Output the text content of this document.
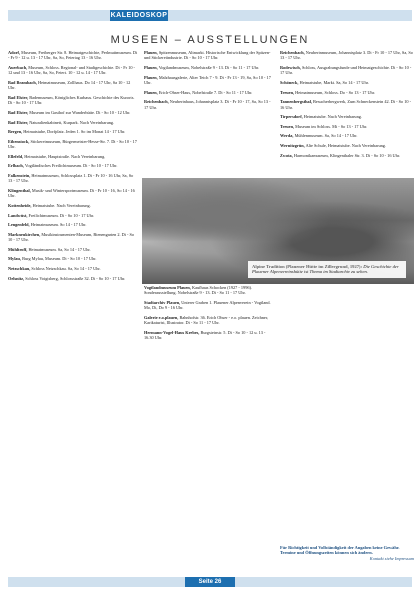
KALEIDOSKOP
MUSEEN – AUSSTELLUNGEN

Adorf, Museum, Freiberger Str. 8. Heimatgeschichte, Perlmuttmuseum. Di - Fr 9 - 12 u. 13 - 17 Uhr, Sa, So, Feiertag 13 - 16 Uhr.

Auerbach, Museum, Schloss. Regional- und Stadtgeschichte. Di - Fr 10 - 12 und 13 - 16 Uhr, Sa, So, Feiert. 10 - 12 u. 14 - 17 Uhr.

Bad Brambach, Heimatmuseum, Zollhaus. Do 14 - 17 Uhr, Sa 10 - 12 Uhr.

Bad Elster, Bademuseum, Königliches Kurhaus. Geschichte des Kurorts. Di - So 10 - 17 Uhr.

Bad Elster, Museum im Gasthof zur Wanderhütte. Di - So 10 - 12 Uhr.

Bad Elster, Naturalienkabinett, Kurpark. Nach Vereinbarung.

Bergen, Heimatstube, Dorfplatz. Jeden 1. So im Monat 14 - 17 Uhr.

Eibenstock, Stickereimuseum, Bürgermeister-Hesse-Str. 7. Di - So 10 - 17 Uhr.

Ellefeld, Heimatstube, Hauptstraße. Nach Vereinbarung.

Erlbach, Vogtländisches Freilichtmuseum. Di - So 10 - 17 Uhr.

Falkenstein, Heimatmuseum, Schlossplatz 1. Di - Fr 10 - 16 Uhr, Sa, So 13 - 17 Uhr.

Klingenthal, Musik- und Wintersportmuseum. Di - Fr 10 - 16, So 14 - 16 Uhr.

Kottenheide, Heimatstube. Nach Vereinbarung.

Landwüst, Freilichtmuseum. Di - So 10 - 17 Uhr.

Lengenfeld, Heimatmuseum. So 14 - 17 Uhr.

Markneukirchen, Musikinstrumenten-Museum, Bienengarten 2. Di - So 10 - 17 Uhr.

Mühltroff, Heimatmuseum. Sa, So 14 - 17 Uhr.

Mylau, Burg Mylau, Museum. Di - So 10 - 17 Uhr.

Netzschkau, Schloss Netzschkau. Sa, So 14 - 17 Uhr.

Oelsnitz, Schloss Voigtsberg, Schlossstraße 32. Di - So 10 - 17 Uhr.

Plauen, Spitzenmuseum, Altmarkt. Historische Entwicklung der Spitzen- und Stickereiindustrie. Di - So 10 - 17 Uhr.

Plauen, Vogtlandmuseum, Nobelstraße 9 - 13. Di - So 11 - 17 Uhr.

Plauen, Malzhausgalerie, Alter Teich 7 - 9. Di - Fr 13 - 19, Sa, So 10 - 17 Uhr.

Plauen, Erich-Ohser-Haus, Nobelstraße 7. Di - So 11 - 17 Uhr.

Reichenbach, Neuberinhaus, Johannisplatz 3. Di - Fr 10 - 17, Sa, So 13 - 17 Uhr.

Reichenbach, Neuberinmuseum, Johannisplatz 3. Di - Fr 10 - 17 Uhr, Sa, So 13 - 17 Uhr.

Rodewisch, Schloss, Ausgrabungsfunde und Heimatgeschichte. Di - So 10 - 17 Uhr.

Schöneck, Heimatstube, Markt. Sa, So 14 - 17 Uhr.

Treuen, Heimatmuseum, Schloss. Do - So 13 - 17 Uhr.

Tannenbergsthal, Besucherbergwerk, Zum Schneckenstein 42. Di - So 10 - 16 Uhr.

Tirpersdorf, Heimatstube. Nach Vereinbarung.

Treuen, Museum im Schloss. Mi - So 13 - 17 Uhr.

Werda, Mühlenmuseum. Sa, So 14 - 17 Uhr.

Wernitzgrün, Alte Schule, Heimatstube. Nach Vereinbarung.

Zwota, Harmonikamuseum, Klingenthaler Str. 3. Di - So 10 - 16 Uhr.

Alpine Tradition (Plauener Hütte im Zillergrund, 1927): Die Geschichte der Plauener Alpenvereinshütte ist Thema im Stadtarchiv zu sehen.

Vogtlandmuseum Plauen, Kaufhaus Schocken (1927 - 1996). Sonderausstellung. Nobelstraße 9 - 13. Di - So 11 - 17 Uhr.

Stadtarchiv Plauen, Unterer Graben 1. Plauener Alpenverein - Vogtland. Mo, Di, Do 9 - 16 Uhr.

Galerie e.o.plauen, Bahnhofstr. 36. Erich Ohser - e.o. plauen. Zeichner, Karikaturist, Illustrator. Di - So 11 - 17 Uhr.

Hermann-Vogel-Haus Krebes, Burgsteinstr. 5. Di - So 10 - 12 u. 13 - 16.30 Uhr.

Für Richtigkeit und Vollständigkeit der Angaben keine Gewähr. Termine und Öffnungszeiten können sich ändern.
Kontakt siehe Impressum
Seite 26
